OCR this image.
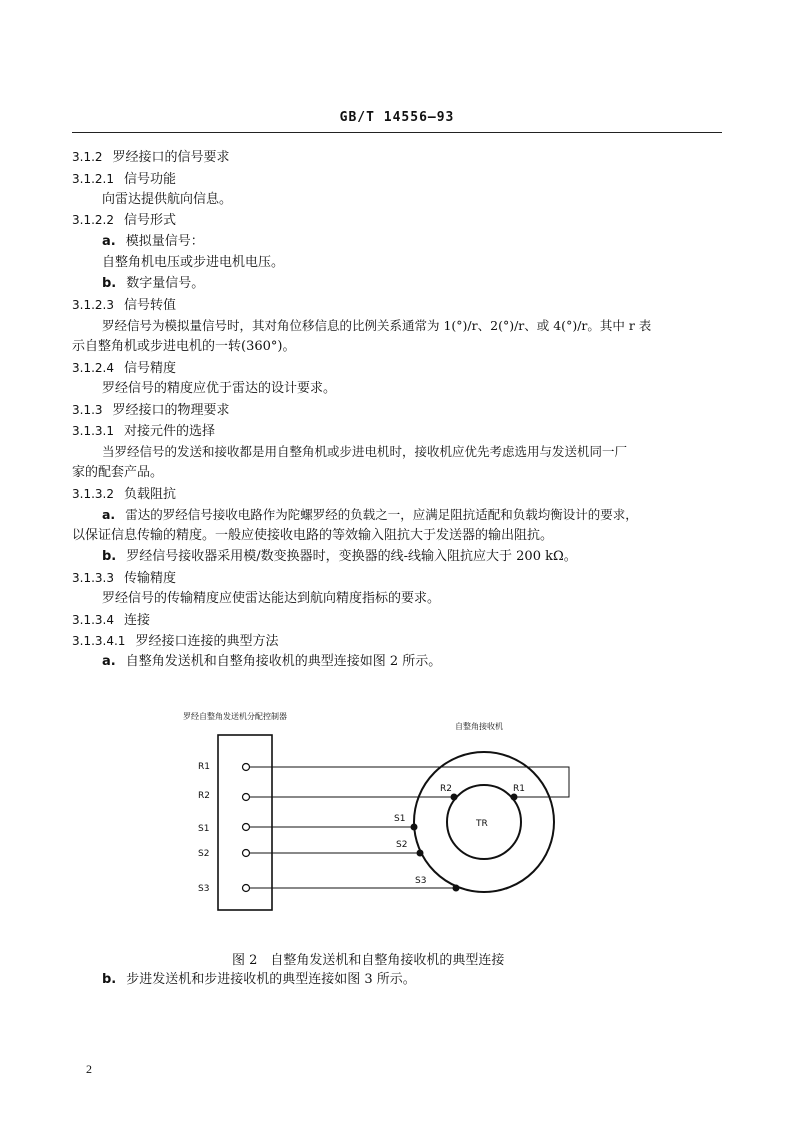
GB/T 14556—93
3.1.2 罗经接口的信号要求
3.1.2.1 信号功能
向雷达提供航向信息。
3.1.2.2 信号形式
a. 模拟量信号：
自整角机电压或步进电机电压。
b. 数字量信号。
3.1.2.3 信号转值
罗经信号为模拟量信号时，其对角位移信息的比例关系通常为 1(°)/r、2(°)/r、或 4(°)/r。其中 r 表
示自整角机或步进电机的一转(360°)。
3.1.2.4 信号精度
罗经信号的精度应优于雷达的设计要求。
3.1.3 罗经接口的物理要求
3.1.3.1 对接元件的选择
当罗经信号的发送和接收都是用自整角机或步进电机时，接收机应优先考虑选用与发送机同一厂
家的配套产品。
3.1.3.2 负载阻抗
a. 雷达的罗经信号接收电路作为陀螺罗经的负载之一，应满足阻抗适配和负载均衡设计的要求，
以保证信息传输的精度。一般应使接收电路的等效输入阻抗大于发送器的输出阻抗。
b. 罗经信号接收器采用模/数变换器时，变换器的线-线输入阻抗应大于 200 kΩ。
3.1.3.3 传输精度
罗经信号的传输精度应使雷达能达到航向精度指标的要求。
3.1.3.4 连接
3.1.3.4.1 罗经接口连接的典型方法
a. 自整角发送机和自整角接收机的典型连接如图 2 所示。
罗经自整角发送机分配控制器
自整角接收机
R1
R2
S1
S2
S3
TR
R2	R1
S1
S2
S3
图 2　自整角发送机和自整角接收机的典型连接
b. 步进发送机和步进接收机的典型连接如图 3 所示。
2
